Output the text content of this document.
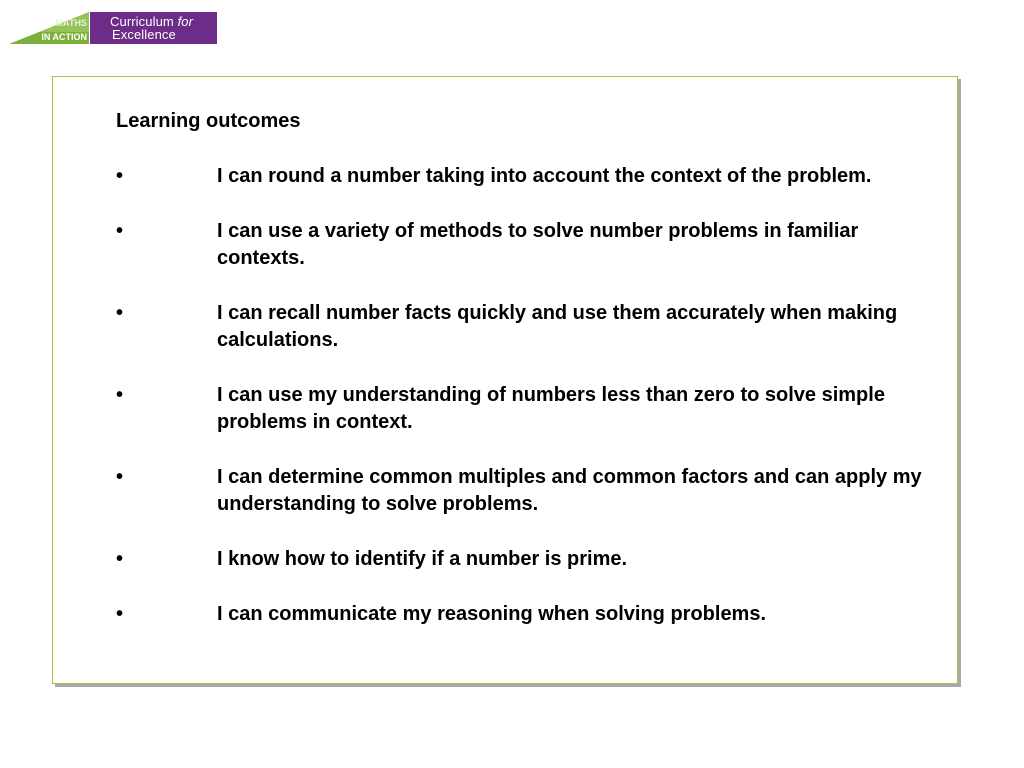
MATHS
IN ACTION
Curriculum for
Excellence
Learning outcomes
•	I can round a number taking into account the context of the problem.
•	I can use a variety of methods to solve number problems in familiar contexts.
•	I can recall number facts quickly and use them accurately when making calculations.
•	I can use my understanding of numbers less than zero to solve simple problems in context.
•	I can determine common multiples and common factors and can apply my understanding to solve problems.
•	I know how to identify if a number is prime.
•	I can communicate my reasoning when solving problems.
